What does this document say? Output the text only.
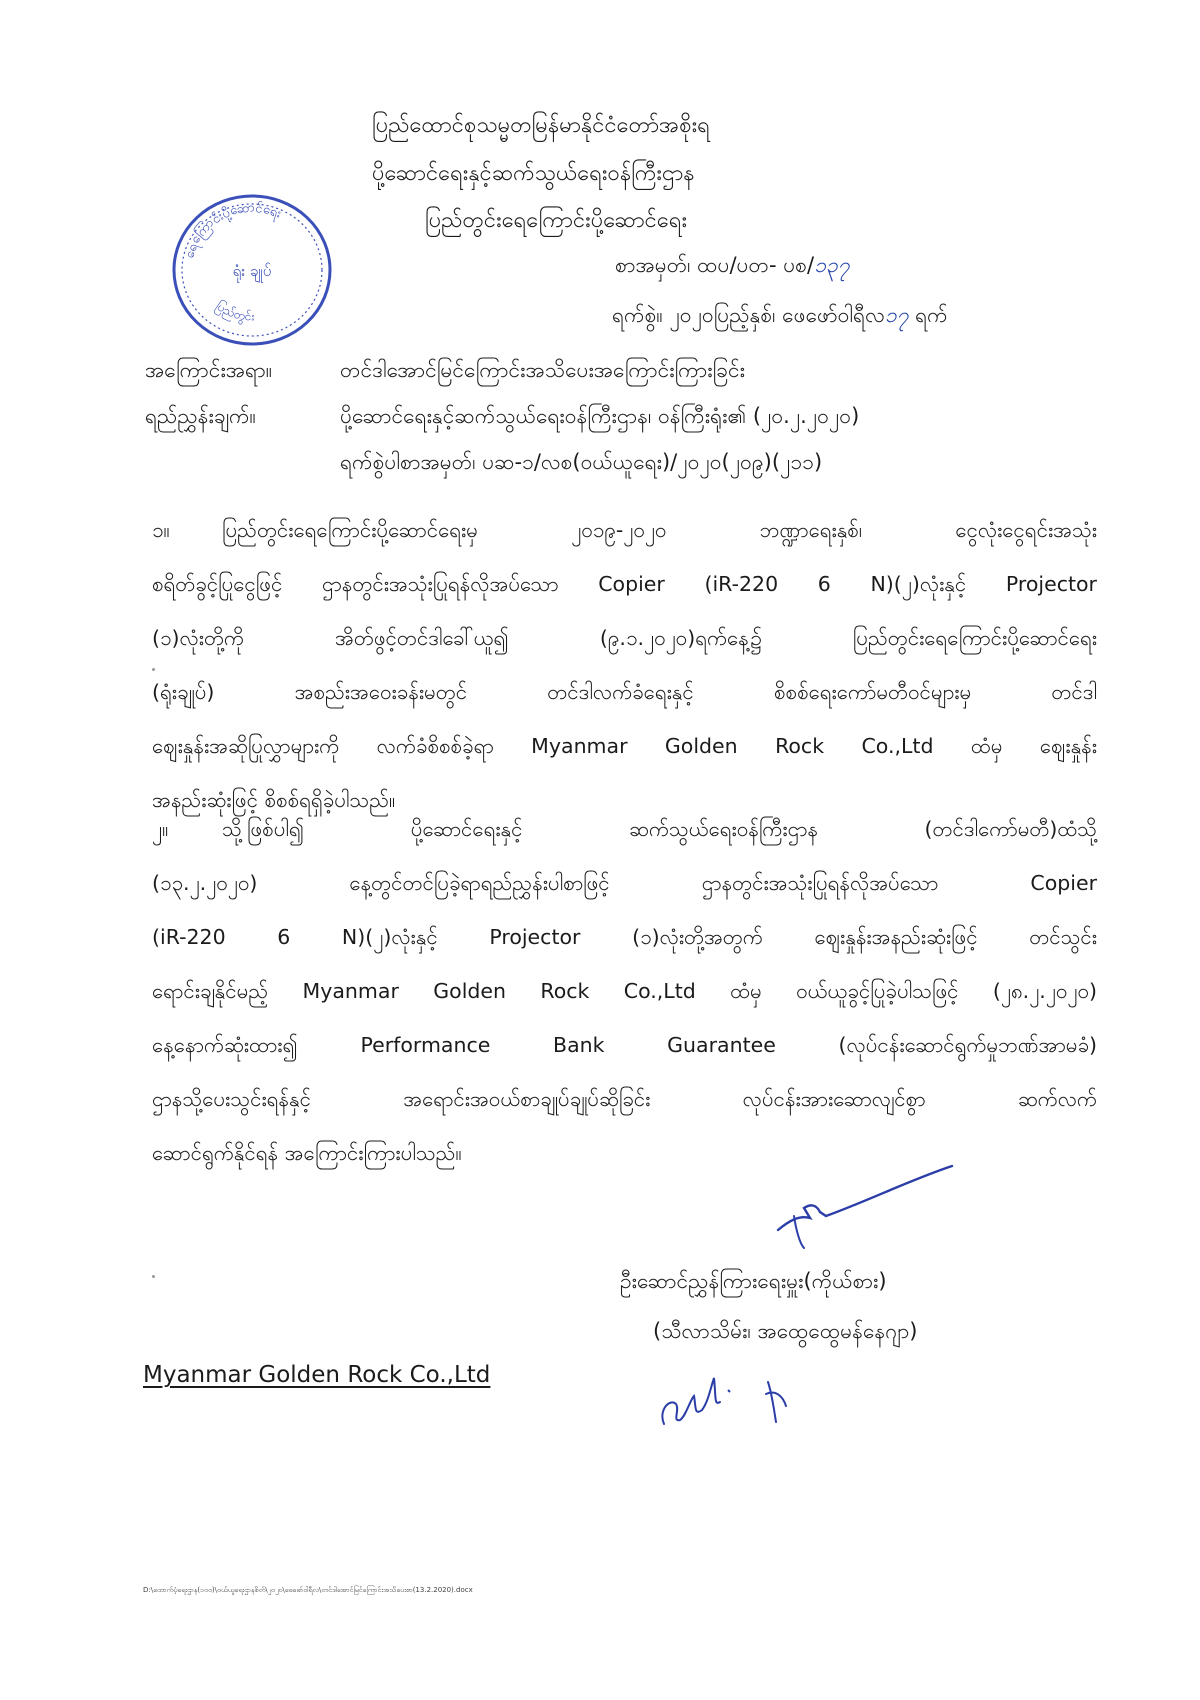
ရေကြောင်းပို့ဆောင်ရေး
ရုံး ချုပ်
ပြည်တွင်း
ပြည်ထောင်စုသမ္မတမြန်မာနိုင်ငံတော်အစိုးရ
ပို့ဆောင်ရေးနှင့်ဆက်သွယ်ရေးဝန်ကြီးဌာန
ပြည်တွင်းရေကြောင်းပို့ဆောင်ရေး
စာအမှတ်၊ ထပ/ပတ- ပစ/၁၃၇
ရက်စွဲ။ ၂၀၂၀ပြည့်နှစ်၊ ဖေဖော်ဝါရီလ၁၇ ရက်
အကြောင်းအရာ။	တင်ဒါအောင်မြင်ကြောင်းအသိပေးအကြောင်းကြားခြင်း
ရည်ညွှန်းချက်။	ပို့ဆောင်ရေးနှင့်ဆက်သွယ်ရေးဝန်ကြီးဌာန၊ ဝန်ကြီးရုံး၏ (၂၀.၂.၂၀၂၀)
ရက်စွဲပါစာအမှတ်၊ ပဆ-၁/လစ(ဝယ်ယူရေး)/၂၀၂၀(၂၀၉)(၂၁၁)
၁။	ပြည်တွင်းရေကြောင်းပို့ဆောင်ရေးမှ ၂၀၁၉-၂၀၂၀ ဘဏ္ဍာရေးနှစ်၊ ငွေလုံးငွေရင်းအသုံး
စရိတ်ခွင့်ပြုငွေဖြင့် ဌာနတွင်းအသုံးပြုရန်လိုအပ်သော Copier (iR-220 6 N)(၂)လုံးနှင့် Projector
(၁)လုံးတို့ကို အိတ်ဖွင့်တင်ဒါခေါ်ယူ၍ (၉.၁.၂၀၂၀)ရက်နေ့၌ ပြည်တွင်းရေကြောင်းပို့ဆောင်ရေး
(ရုံးချုပ်) အစည်းအဝေးခန်းမတွင် တင်ဒါလက်ခံရေးနှင့် စိစစ်ရေးကော်မတီဝင်များမှ တင်ဒါ
ဈေးနှုန်းအဆိုပြုလွှာများကို လက်ခံစိစစ်ခဲ့ရာ Myanmar Golden Rock Co.,Ltd ထံမှ ဈေးနှုန်း
အနည်းဆုံးဖြင့် စိစစ်ရရှိခဲ့ပါသည်။
၂။	သို့ဖြစ်ပါ၍ ပို့ဆောင်ရေးနှင့် ဆက်သွယ်ရေးဝန်ကြီးဌာန (တင်ဒါကော်မတီ)ထံသို့
(၁၃.၂.၂၀၂၀) နေ့တွင်တင်ပြခဲ့ရာရည်ညွှန်းပါစာဖြင့် ဌာနတွင်းအသုံးပြုရန်လိုအပ်သော Copier
(iR-220 6 N)(၂)လုံးနှင့် Projector (၁)လုံးတို့အတွက် ဈေးနှုန်းအနည်းဆုံးဖြင့် တင်သွင်း
ရောင်းချနိုင်မည့် Myanmar Golden Rock Co.,Ltd ထံမှ ဝယ်ယူခွင့်ပြုခဲ့ပါသဖြင့် (၂၈.၂.၂၀၂၀)
နေ့နောက်ဆုံးထား၍ Performance Bank Guarantee (လုပ်ငန်းဆောင်ရွက်မှုဘဏ်အာမခံ)
ဌာနသို့ပေးသွင်းရန်နှင့် အရောင်းအဝယ်စာချုပ်ချုပ်ဆိုခြင်း လုပ်ငန်းအားဆောလျင်စွာ ဆက်လက်
ဆောင်ရွက်နိုင်ရန် အကြောင်းကြားပါသည်။
ဦးဆောင်ညွှန်ကြားရေးမှူး(ကိုယ်စား)
(သီလာသိမ်း၊ အထွေထွေမန်နေဂျာ)
Myanmar Golden Rock Co.,Ltd
D:\ထောက်ပံ့ရေးဌာန(၁၀၀)\ဝယ်ယူရေးဌာနစိတ်\၂၀၂၀\ဖေဖော်ဝါရီလ\တင်ဒါအောင်မြင်ကြောင်းအသိပေးစာ(13.2.2020).docx
